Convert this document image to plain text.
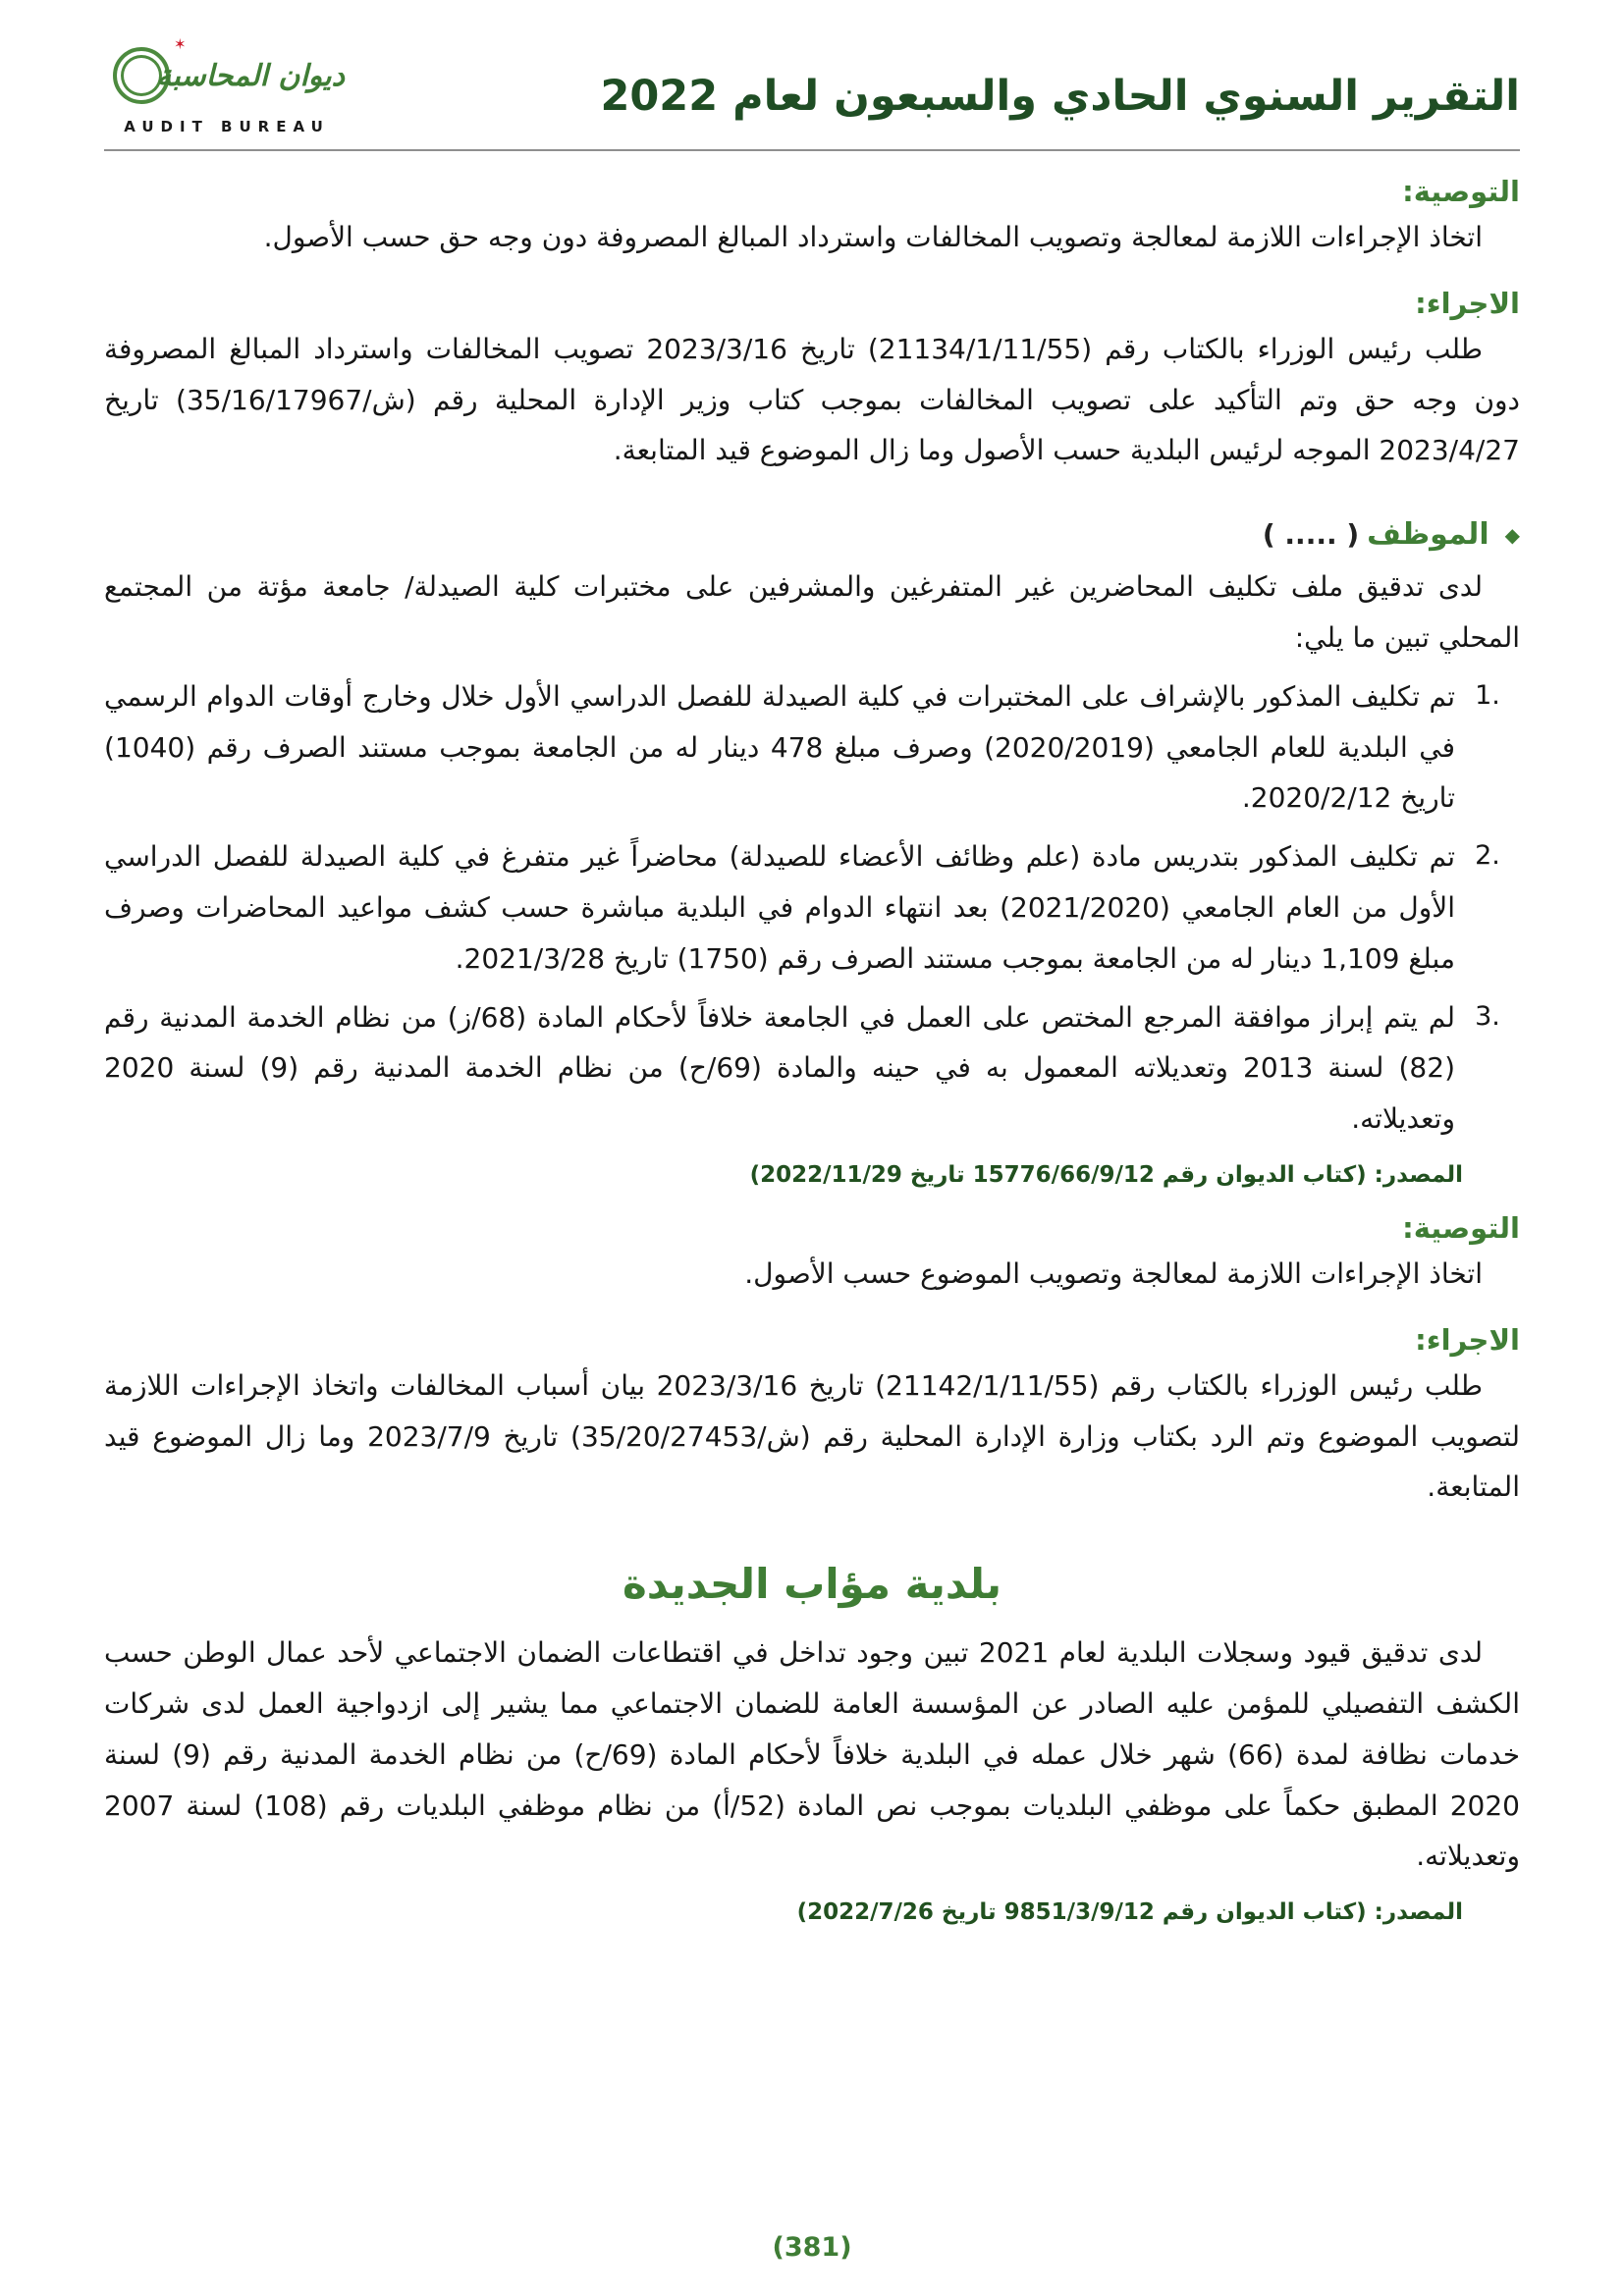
التقرير السنوي الحادي والسبعون لعام 2022
✶
ديوان المحاسبة
AUDIT BUREAU
التوصية:

اتخاذ الإجراءات اللازمة لمعالجة وتصويب المخالفات واسترداد المبالغ المصروفة دون وجه حق حسب الأصول.

الاجراء:

طلب رئيس الوزراء بالكتاب رقم (21134/1/11/55) تاريخ 2023/3/16 تصويب المخالفات واسترداد المبالغ المصروفة دون وجه حق وتم التأكيد على تصويب المخالفات بموجب كتاب وزير الإدارة المحلية رقم (ش/35/16/17967) تاريخ 2023/4/27 الموجه لرئيس البلدية حسب الأصول وما زال الموضوع قيد المتابعة.

◆
الموظف
( ..... )

لدى تدقيق ملف تكليف المحاضرين غير المتفرغين والمشرفين على مختبرات كلية الصيدلة/ جامعة مؤتة من المجتمع المحلي تبين ما يلي:

1.

تم تكليف المذكور بالإشراف على المختبرات في كلية الصيدلة للفصل الدراسي الأول خلال وخارج أوقات الدوام الرسمي في البلدية للعام الجامعي (2020/2019) وصرف مبلغ 478 دينار له من الجامعة بموجب مستند الصرف رقم (1040) تاريخ 2020/2/12.

2.

تم تكليف المذكور بتدريس مادة (علم وظائف الأعضاء للصيدلة) محاضراً غير متفرغ في كلية الصيدلة للفصل الدراسي الأول من العام الجامعي (2021/2020) بعد انتهاء الدوام في البلدية مباشرة حسب كشف مواعيد المحاضرات وصرف مبلغ 1,109 دينار له من الجامعة بموجب مستند الصرف رقم (1750) تاريخ 2021/3/28.

3.

لم يتم إبراز موافقة المرجع المختص على العمل في الجامعة خلافاً لأحكام المادة (68/ز) من نظام الخدمة المدنية رقم (82) لسنة 2013 وتعديلاته المعمول به في حينه والمادة (69/ح) من نظام الخدمة المدنية رقم (9) لسنة 2020 وتعديلاته.

المصدر: (كتاب الديوان رقم 15776/66/9/12 تاريخ 2022/11/29)
التوصية:

اتخاذ الإجراءات اللازمة لمعالجة وتصويب الموضوع حسب الأصول.

الاجراء:

طلب رئيس الوزراء بالكتاب رقم (21142/1/11/55) تاريخ 2023/3/16 بيان أسباب المخالفات واتخاذ الإجراءات اللازمة لتصويب الموضوع وتم الرد بكتاب وزارة الإدارة المحلية رقم (ش/35/20/27453) تاريخ 2023/7/9 وما زال الموضوع قيد المتابعة.

بلدية مؤاب الجديدة

لدى تدقيق قيود وسجلات البلدية لعام 2021 تبين وجود تداخل في اقتطاعات الضمان الاجتماعي لأحد عمال الوطن حسب الكشف التفصيلي للمؤمن عليه الصادر عن المؤسسة العامة للضمان الاجتماعي مما يشير إلى ازدواجية العمل لدى شركات خدمات نظافة لمدة (66) شهر خلال عمله في البلدية خلافاً لأحكام المادة (69/ح) من نظام الخدمة المدنية رقم (9) لسنة 2020 المطبق حكماً على موظفي البلديات بموجب نص المادة (52/أ) من نظام موظفي البلديات رقم (108) لسنة 2007 وتعديلاته.

المصدر: (كتاب الديوان رقم 9851/3/9/12 تاريخ 2022/7/26)
(381)
